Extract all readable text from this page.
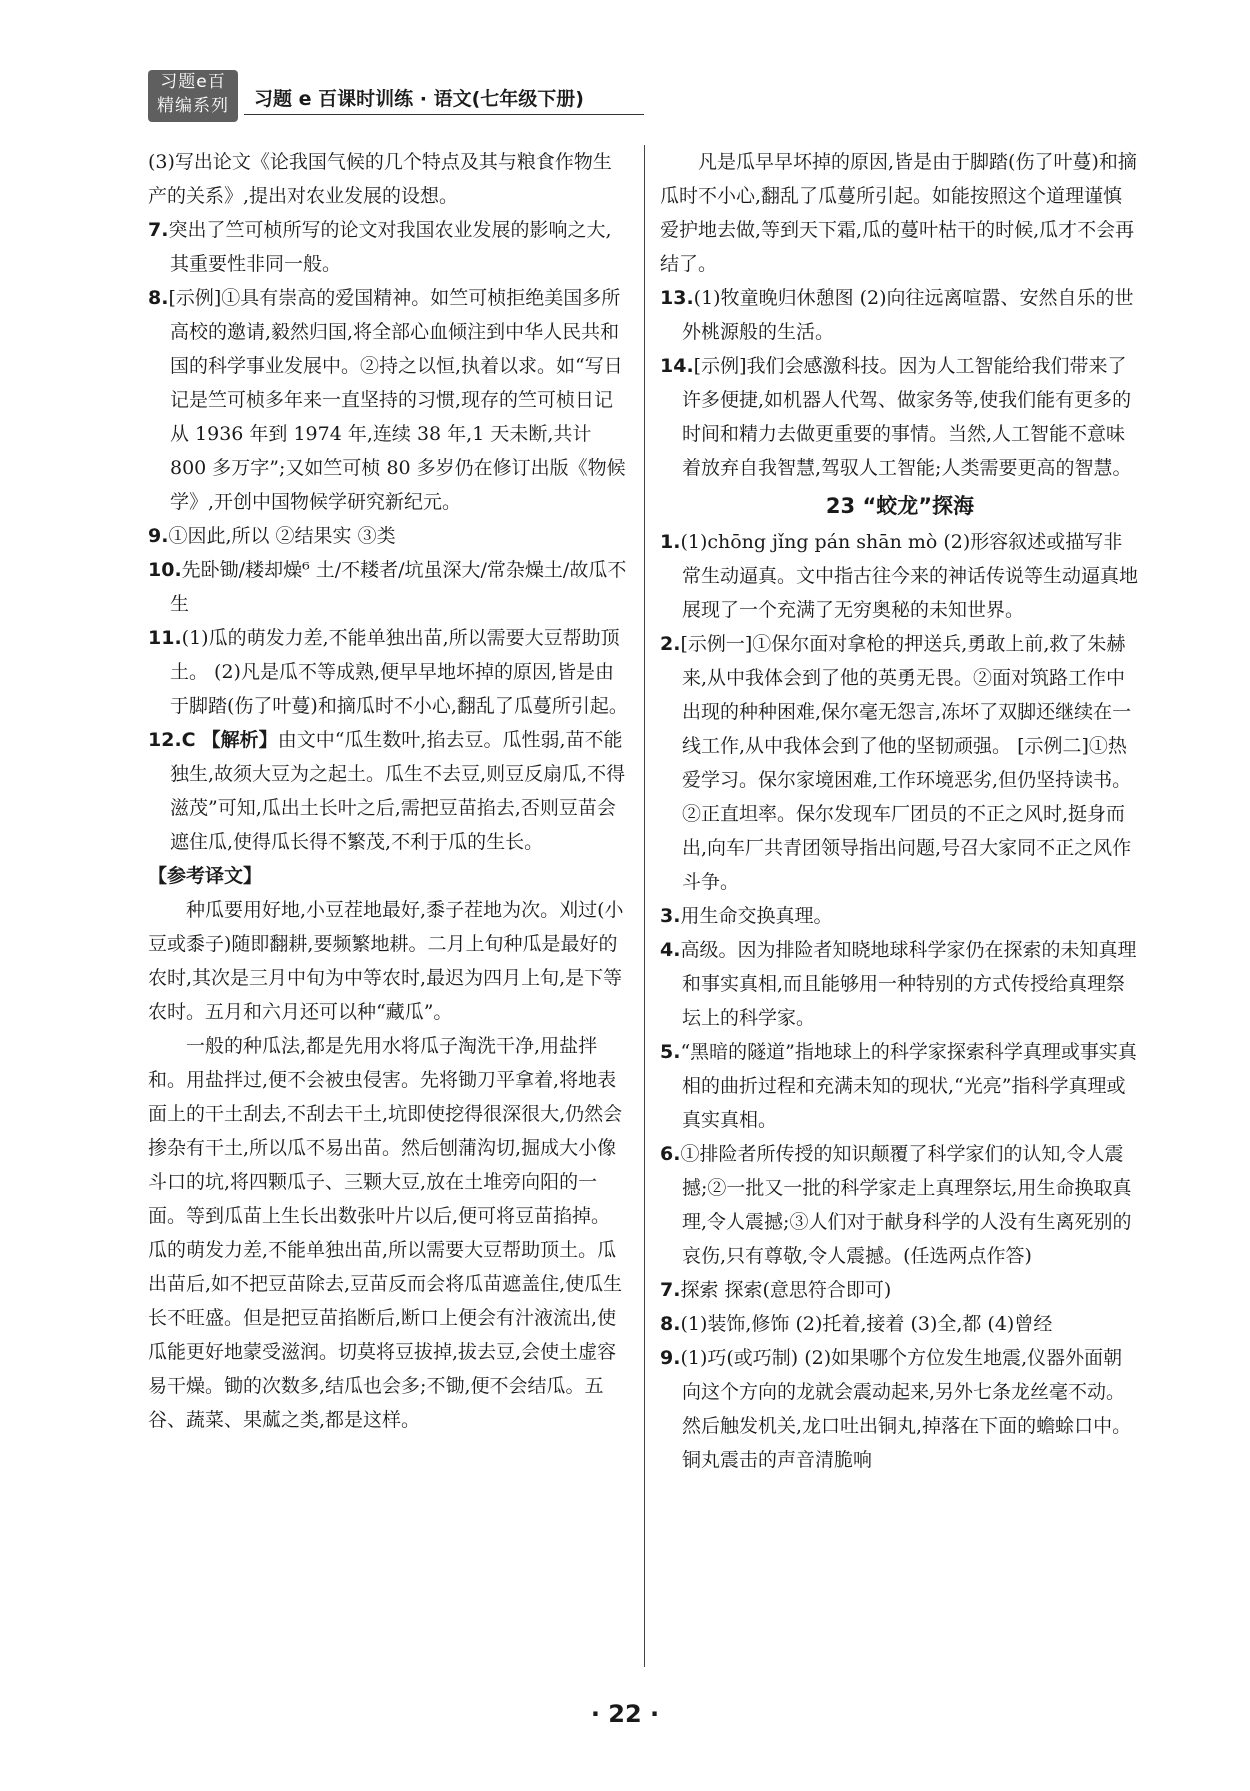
习题e百
精编系列	习题 e 百课时训练 · 语文(七年级下册)

(3)写出论文《论我国气候的几个特点及其与粮食作物生产的关系》,提出对农业发展的设想。

7.突出了竺可桢所写的论文对我国农业发展的影响之大,其重要性非同一般。

8.[示例]①具有崇高的爱国精神。如竺可桢拒绝美国多所高校的邀请,毅然归国,将全部心血倾注到中华人民共和国的科学事业发展中。②持之以恒,执着以求。如“写日记是竺可桢多年来一直坚持的习惯,现存的竺可桢日记从 1936 年到 1974 年,连续 38 年,1 天未断,共计 800 多万字”;又如竺可桢 80 多岁仍在修订出版《物候学》,开创中国物候学研究新纪元。

9.①因此,所以 ②结果实 ③类

10.先卧锄/耧却燥⁶ 土/不耧者/坑虽深大/常杂燥土/故瓜不生

11.(1)瓜的萌发力差,不能单独出苗,所以需要大豆帮助顶土。 (2)凡是瓜不等成熟,便早早地坏掉的原因,皆是由于脚踏(伤了叶蔓)和摘瓜时不小心,翻乱了瓜蔓所引起。

12.C 【解析】由文中“瓜生数叶,掐去豆。瓜性弱,苗不能独生,故须大豆为之起土。瓜生不去豆,则豆反扇瓜,不得滋茂”可知,瓜出土长叶之后,需把豆苗掐去,否则豆苗会遮住瓜,使得瓜长得不繁茂,不利于瓜的生长。

【参考译文】

种瓜要用好地,小豆茬地最好,黍子茬地为次。刈过(小豆或黍子)随即翻耕,要频繁地耕。二月上旬种瓜是最好的农时,其次是三月中旬为中等农时,最迟为四月上旬,是下等农时。五月和六月还可以种“藏瓜”。

一般的种瓜法,都是先用水将瓜子淘洗干净,用盐拌和。用盐拌过,便不会被虫侵害。先将锄刀平拿着,将地表面上的干土刮去,不刮去干土,坑即使挖得很深很大,仍然会掺杂有干土,所以瓜不易出苗。然后刨蒲沟切,掘成大小像斗口的坑,将四颗瓜子、三颗大豆,放在土堆旁向阳的一面。等到瓜苗上生长出数张叶片以后,便可将豆苗掐掉。瓜的萌发力差,不能单独出苗,所以需要大豆帮助顶土。瓜出苗后,如不把豆苗除去,豆苗反而会将瓜苗遮盖住,使瓜生长不旺盛。但是把豆苗掐断后,断口上便会有汁液流出,使瓜能更好地蒙受滋润。切莫将豆拔掉,拔去豆,会使土虚容易干燥。锄的次数多,结瓜也会多;不锄,便不会结瓜。五谷、蔬菜、果蓏之类,都是这样。

凡是瓜早早坏掉的原因,皆是由于脚踏(伤了叶蔓)和摘瓜时不小心,翻乱了瓜蔓所引起。如能按照这个道理谨慎爱护地去做,等到天下霜,瓜的蔓叶枯干的时候,瓜才不会再结了。

13.(1)牧童晚归休憩图 (2)向往远离喧嚣、安然自乐的世外桃源般的生活。

14.[示例]我们会感激科技。因为人工智能给我们带来了许多便捷,如机器人代驾、做家务等,使我们能有更多的时间和精力去做更重要的事情。当然,人工智能不意味着放弃自我智慧,驾驭人工智能;人类需要更高的智慧。

23 “蛟龙”探海

1.(1)chōng jǐng pán shān mò (2)形容叙述或描写非常生动逼真。文中指古往今来的神话传说等生动逼真地展现了一个充满了无穷奥秘的未知世界。

2.[示例一]①保尔面对拿枪的押送兵,勇敢上前,救了朱赫来,从中我体会到了他的英勇无畏。②面对筑路工作中出现的种种困难,保尔毫无怨言,冻坏了双脚还继续在一线工作,从中我体会到了他的坚韧顽强。 [示例二]①热爱学习。保尔家境困难,工作环境恶劣,但仍坚持读书。②正直坦率。保尔发现车厂团员的不正之风时,挺身而出,向车厂共青团领导指出问题,号召大家同不正之风作斗争。

3.用生命交换真理。

4.高级。因为排险者知晓地球科学家仍在探索的未知真理和事实真相,而且能够用一种特别的方式传授给真理祭坛上的科学家。

5.“黑暗的隧道”指地球上的科学家探索科学真理或事实真相的曲折过程和充满未知的现状,“光亮”指科学真理或真实真相。

6.①排险者所传授的知识颠覆了科学家们的认知,令人震撼;②一批又一批的科学家走上真理祭坛,用生命换取真理,令人震撼;③人们对于献身科学的人没有生离死别的哀伤,只有尊敬,令人震撼。(任选两点作答)

7.探索 探索(意思符合即可)

8.(1)装饰,修饰 (2)托着,接着 (3)全,都 (4)曾经

9.(1)巧(或巧制) (2)如果哪个方位发生地震,仪器外面朝向这个方向的龙就会震动起来,另外七条龙丝毫不动。然后触发机关,龙口吐出铜丸,掉落在下面的蟾蜍口中。铜丸震击的声音清脆响

· 22 ·
